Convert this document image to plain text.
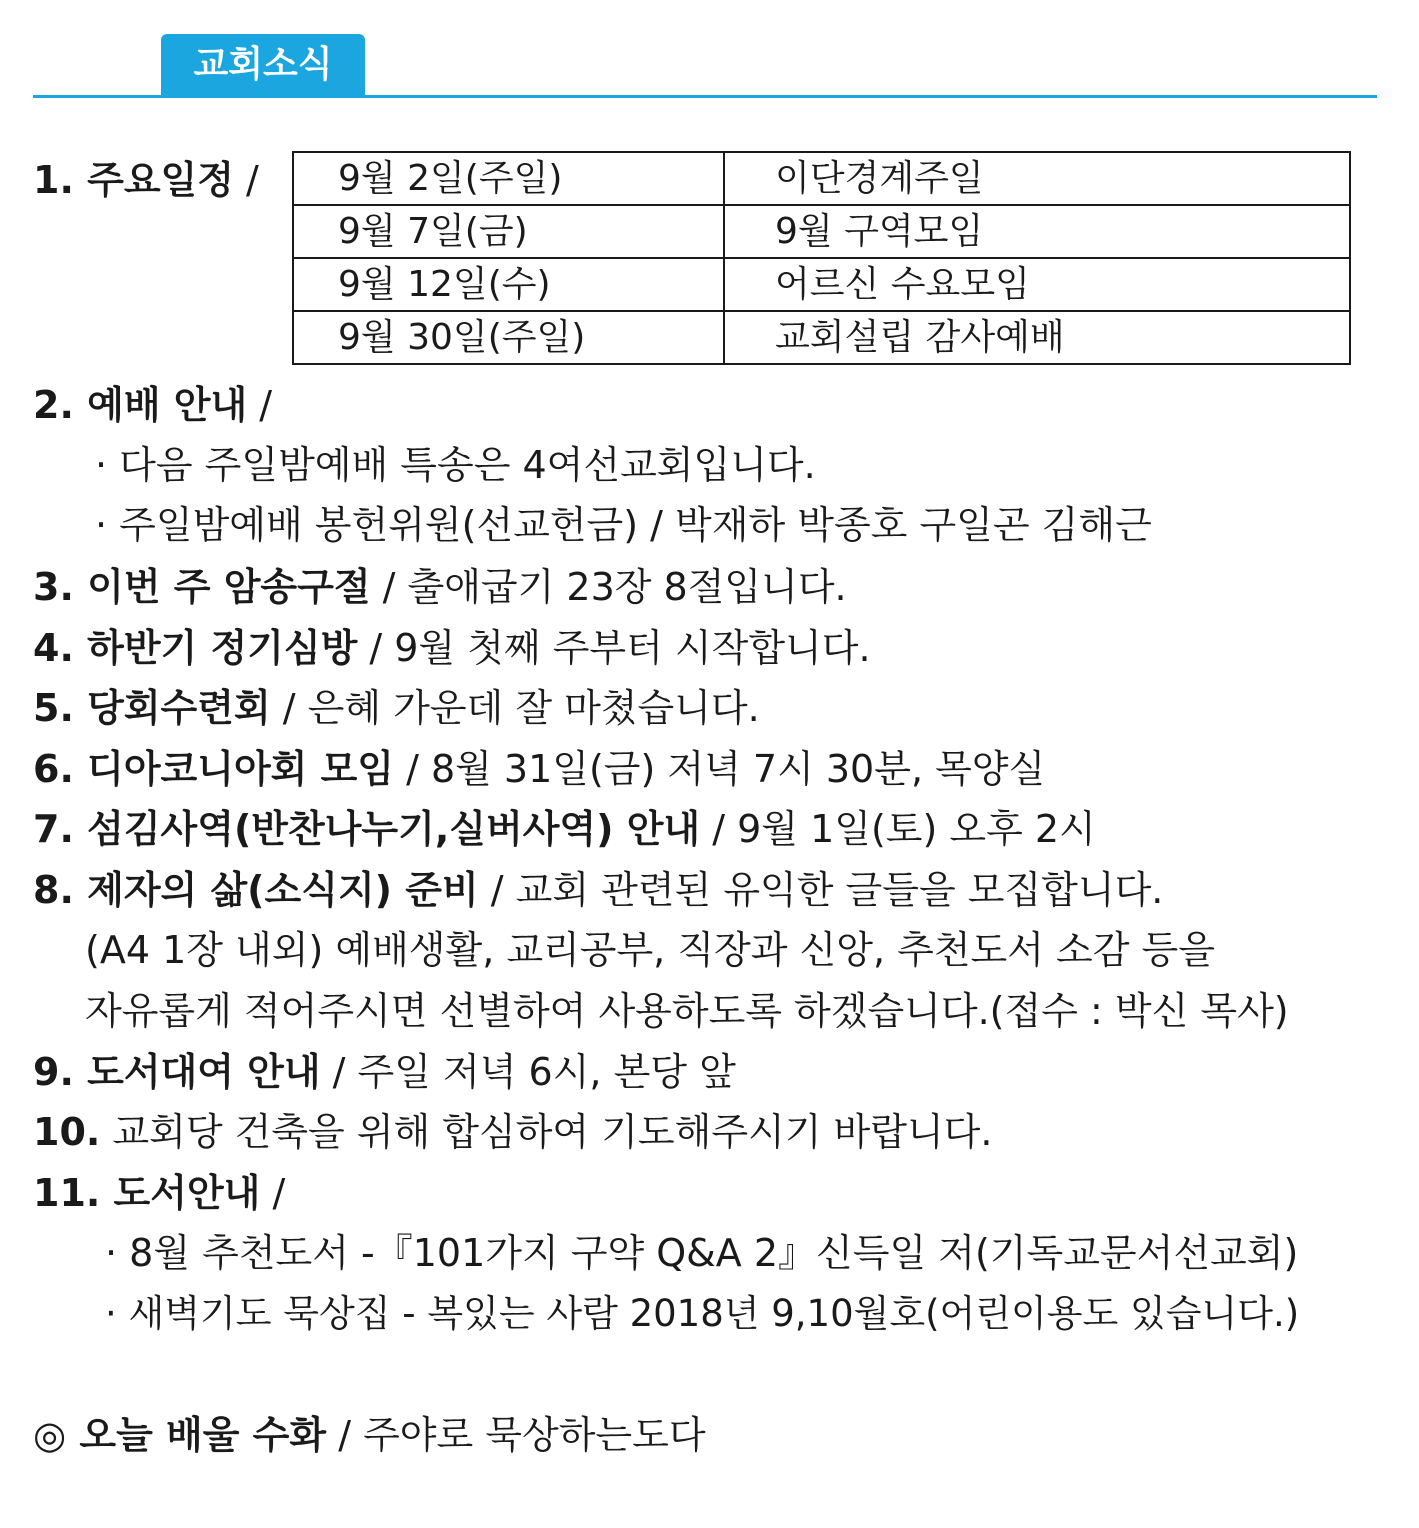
교회소식
1. 주요일정 / 9월 2일(주일)	이단경계주일
9월 7일(금)	9월 구역모임
9월 12일(수)	어르신 수요모임
9월 30일(주일)	교회설립 감사예배
2. 예배 안내 /
· 다음 주일밤예배 특송은 4여선교회입니다.
· 주일밤예배 봉헌위원(선교헌금) / 박재하 박종호 구일곤 김해근
3. 이번 주 암송구절 / 출애굽기 23장 8절입니다.
4. 하반기 정기심방 / 9월 첫째 주부터 시작합니다.
5. 당회수련회 / 은혜 가운데 잘 마쳤습니다.
6. 디아코니아회 모임 / 8월 31일(금) 저녁 7시 30분, 목양실
7. 섬김사역(반찬나누기,실버사역) 안내 / 9월 1일(토) 오후 2시
8. 제자의 삶(소식지) 준비 / 교회 관련된 유익한 글들을 모집합니다.
(A4 1장 내외) 예배생활, 교리공부, 직장과 신앙, 추천도서 소감 등을
자유롭게 적어주시면 선별하여 사용하도록 하겠습니다.(접수 : 박신 목사)
9. 도서대여 안내 / 주일 저녁 6시, 본당 앞
10. 교회당 건축을 위해 합심하여 기도해주시기 바랍니다.
11. 도서안내 /
· 8월 추천도서 -『101가지 구약 Q&A 2』신득일 저(기독교문서선교회)
· 새벽기도 묵상집 - 복있는 사람 2018년 9,10월호(어린이용도 있습니다.)
◎ 오늘 배울 수화 / 주야로 묵상하는도다
